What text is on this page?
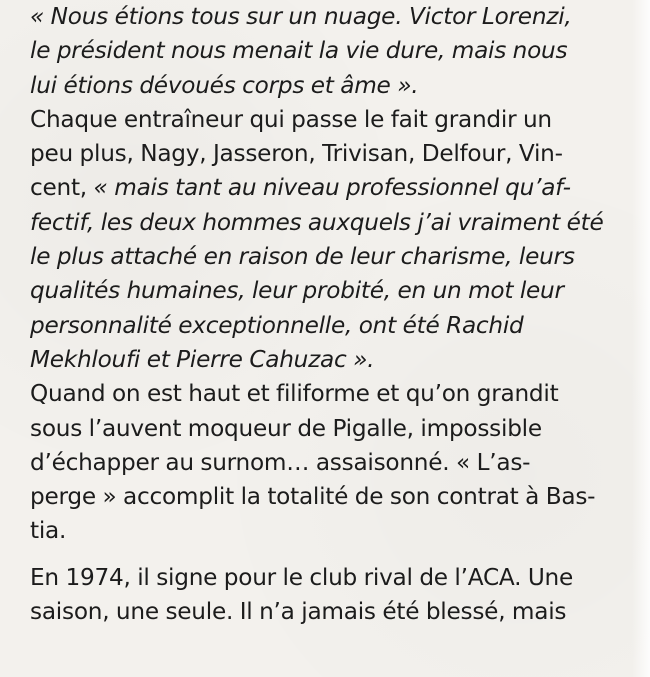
« Nous étions tous sur un nuage. Victor Lorenzi,
le président nous menait la vie dure, mais nous
lui étions dévoués corps et âme ».
Chaque entraîneur qui passe le fait grandir un
peu plus, Nagy, Jasseron, Trivisan, Delfour, Vin-
cent, « mais tant au niveau professionnel qu’af-
fectif, les deux hommes auxquels j’ai vraiment été
le plus attaché en raison de leur charisme, leurs
qualités humaines, leur probité, en un mot leur
personnalité exceptionnelle, ont été Rachid
Mekhloufi et Pierre Cahuzac ».
Quand on est haut et filiforme et qu’on grandit
sous l’auvent moqueur de Pigalle, impossible
d’échapper au surnom… assaisonné. « L’as-
perge » accomplit la totalité de son contrat à Bas-
tia.
En 1974, il signe pour le club rival de l’ACA. Une
saison, une seule. Il n’a jamais été blessé, mais
